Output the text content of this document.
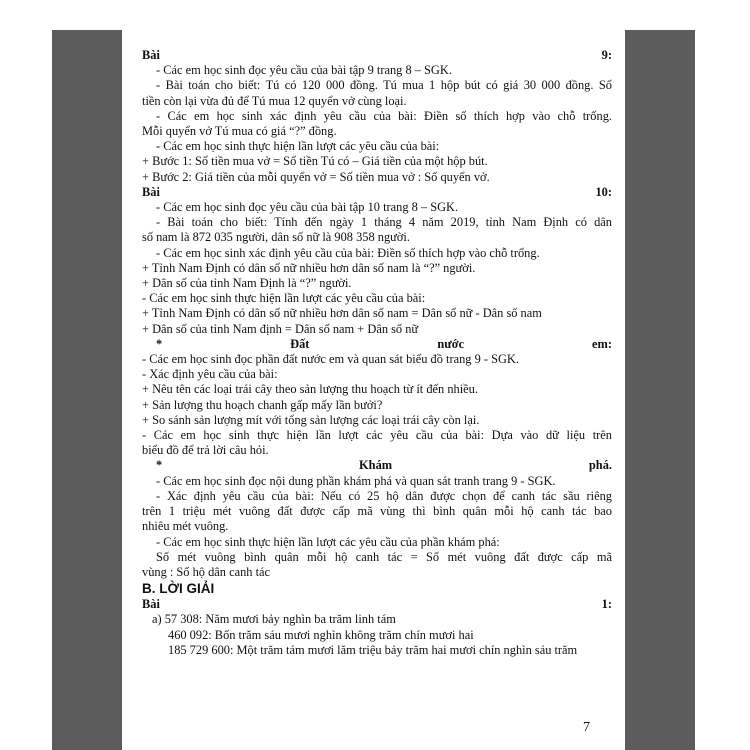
Bài 9:
- Các em học sinh đọc yêu cầu của bài tập 9 trang 8 – SGK.
- Bài toán cho biết: Tú có 120 000 đồng. Tú mua 1 hộp bút có giá 30 000 đồng. Số
tiền còn lại vừa đủ để Tú mua 12 quyển vở cùng loại.
- Các em học sinh xác định yêu cầu của bài: Điền số thích hợp vào chỗ trống.
Mỗi quyển vở Tú mua có giá “?” đồng.
- Các em học sinh thực hiện lần lượt các yêu cầu của bài:
+ Bước 1: Số tiền mua vở = Số tiền Tú có – Giá tiền của một hộp bút.
+ Bước 2: Giá tiền của mỗi quyển vở = Số tiền mua vở : Số quyển vở.
Bài 10:
- Các em học sinh đọc yêu cầu của bài tập 10 trang 8 – SGK.
- Bài toán cho biết: Tính đến ngày 1 tháng 4 năm 2019, tỉnh Nam Định có dân
số nam là 872 035 người, dân số nữ là 908 358 người.
- Các em học sinh xác định yêu cầu của bài: Điền số thích hợp vào chỗ trống.
+ Tỉnh Nam Định có dân số nữ nhiều hơn dân số nam là “?” người.
+ Dân số của tỉnh Nam Định là “?” người.
- Các em học sinh thực hiện lần lượt các yêu cầu của bài:
+ Tỉnh Nam Định có dân số nữ nhiều hơn dân số nam = Dân số nữ - Dân số nam
+ Dân số của tỉnh Nam định = Dân số nam + Dân số nữ
* Đất nước em:
- Các em học sinh đọc phần đất nước em và quan sát biểu đồ trang 9 - SGK.
- Xác định yêu cầu của bài:
+ Nêu tên các loại trái cây theo sản lượng thu hoạch từ ít đến nhiều.
+ Sản lượng thu hoạch chanh gấp mấy lần bưởi?
+ So sánh sản lượng mít với tổng sản lượng các loại trái cây còn lại.
- Các em học sinh thực hiện lần lượt các yêu cầu của bài: Dựa vào dữ liệu trên
biểu đồ để trả lời câu hỏi.
* Khám phá.
- Các em học sinh đọc nội dung phần khám phá và quan sát tranh trang 9 - SGK.
- Xác định yêu cầu của bài: Nếu có 25 hộ dân được chọn để canh tác sầu riêng
trên 1 triệu mét vuông đất được cấp mã vùng thì bình quân mỗi hộ canh tác bao
nhiêu mét vuông.
- Các em học sinh thực hiện lần lượt các yêu cầu của phần khám phá:
Số mét vuông bình quân mỗi hộ canh tác = Số mét vuông đất được cấp mã
vùng : Số hộ dân canh tác
B. LỜI GIẢI
Bài 1:
a) 57 308: Năm mươi bảy nghìn ba trăm linh tám
460 092: Bốn trăm sáu mươi nghìn không trăm chín mươi hai
185 729 600: Một trăm tám mươi lăm triệu bảy trăm hai mươi chín nghìn sáu trăm
7
